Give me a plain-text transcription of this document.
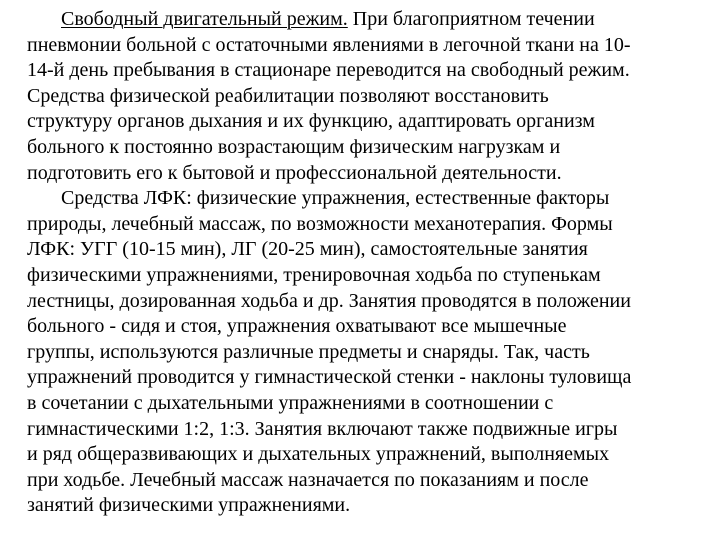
Свободный двигательный режим. При благоприятном течении
пневмонии больной с остаточными явлениями в легочной ткани на 10-
14-й день пребывания в стационаре переводится на свободный режим.
Средства физической реабилитации позволяют восстановить
структуру органов дыхания и их функцию, адаптировать организм
больного к постоянно возрастающим физическим нагрузкам и
подготовить его к бытовой и профессиональной деятельности.
Средства ЛФК: физические упражнения, естественные факторы
природы, лечебный массаж, по возможности механотерапия. Формы
ЛФК: УГГ (10-15 мин), ЛГ (20-25 мин), самостоятельные занятия
физическими упражнениями, тренировочная ходьба по ступенькам
лестницы, дозированная ходьба и др. Занятия проводятся в положении
больного - сидя и стоя, упражнения охватывают все мышечные
группы, используются различные предметы и снаряды. Так, часть
упражнений проводится у гимнастической стенки - наклоны туловища
в сочетании с дыхательными упражнениями в соотношении с
гимнастическими 1:2, 1:3. Занятия включают также подвижные игры
и ряд общеразвивающих и дыхательных упражнений, выполняемых
при ходьбе. Лечебный массаж назначается по показаниям и после
занятий физическими упражнениями.
